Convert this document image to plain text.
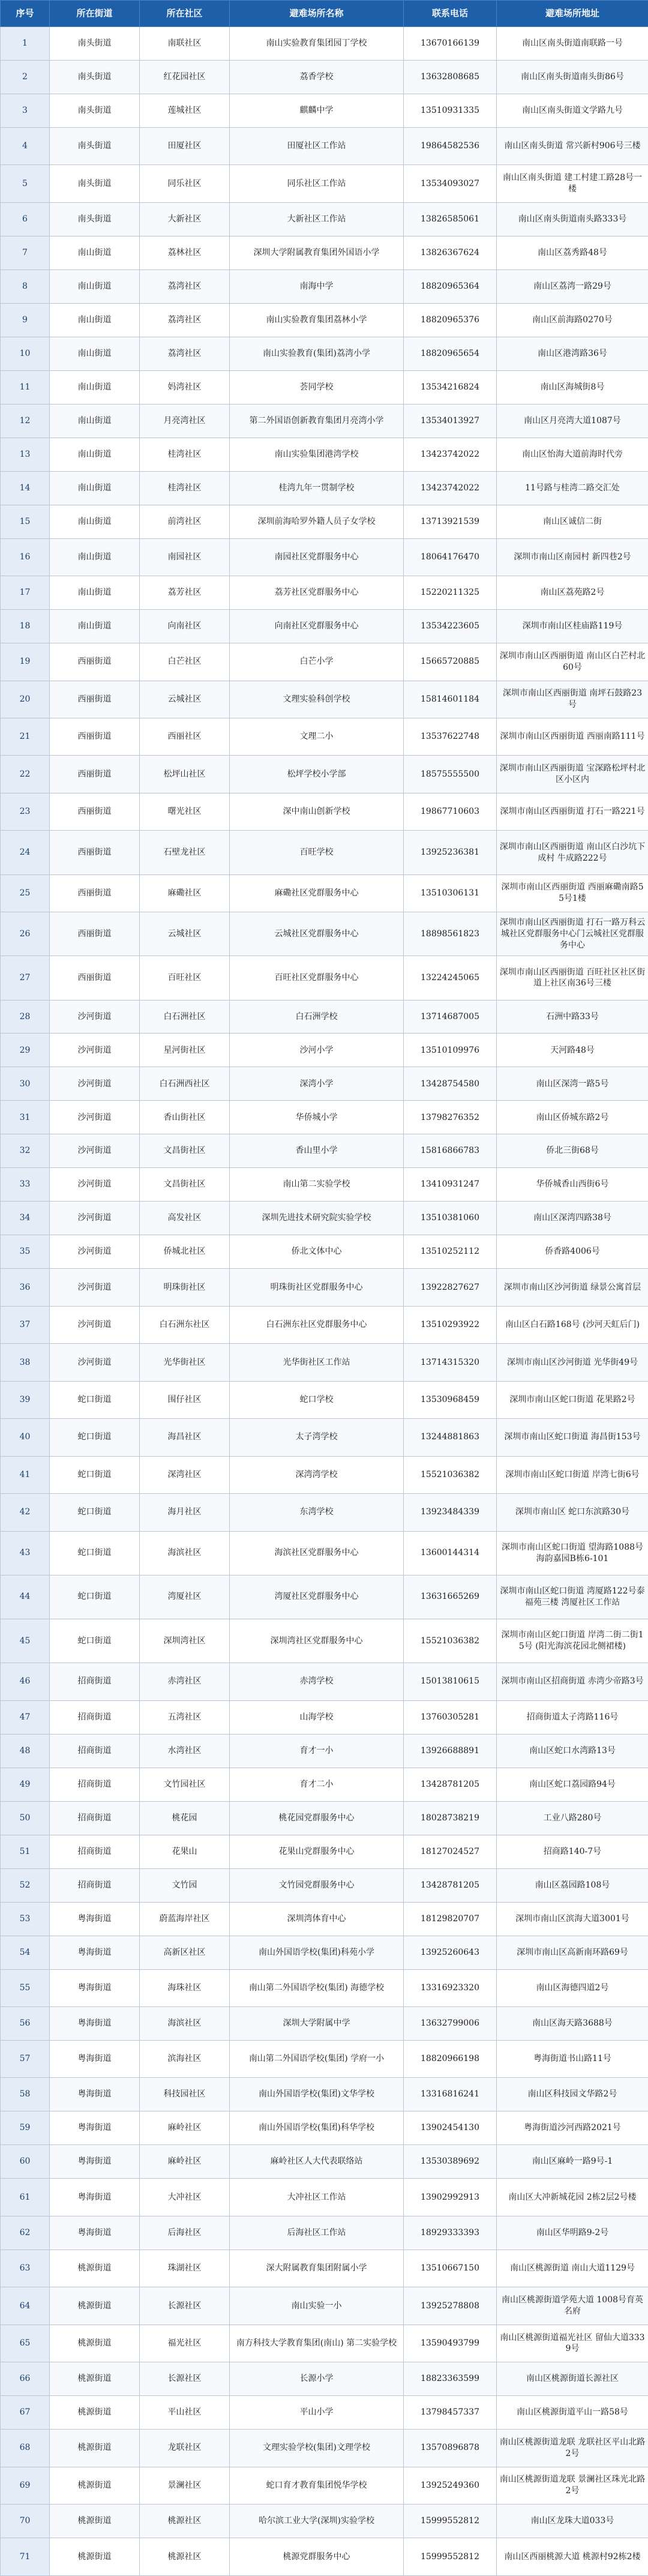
序号	所在街道	所在社区	避难场所名称	联系电话	避难场所地址
1	南头街道	南联社区	南山实验教育集团园丁学校	13670166139	南山区南头街道南联路一号
2	南头街道	红花园社区	荔香学校	13632808685	南山区南头街道南头街86号
3	南头街道	莲城社区	麒麟中学	13510931335	南山区南头街道文学路九号
4	南头街道	田厦社区	田厦社区工作站	19864582536	南山区南头街道 常兴新村906号三楼
5	南头街道	同乐社区	同乐社区工作站	13534093027	南山区南头街道 建工村建工路28号一楼
6	南头街道	大新社区	大新社区工作站	13826585061	南山区南头街道南头路333号
7	南山街道	荔林社区	深圳大学附属教育集团外国语小学	13826367624	南山区荔秀路48号
8	南山街道	荔湾社区	南海中学	18820965364	南山区荔湾一路29号
9	南山街道	荔湾社区	南山实验教育集团荔林小学	18820965376	南山区前海路0270号
10	南山街道	荔湾社区	南山实验教育(集团)荔湾小学	18820965654	南山区港湾路36号
11	南山街道	妈湾社区	荟同学校	13534216824	南山区海城街8号
12	南山街道	月亮湾社区	第二外国语创新教育集团月亮湾小学	13534013927	南山区月亮湾大道1087号
13	南山街道	桂湾社区	南山实验集团港湾学校	13423742022	南山区怡海大道前海时代旁
14	南山街道	桂湾社区	桂湾九年一贯制学校	13423742022	11号路与桂湾二路交汇处
15	南山街道	前湾社区	深圳前海哈罗外籍人员子女学校	13713921539	南山区诚信二街
16	南山街道	南园社区	南园社区党群服务中心	18064176470	深圳市南山区南园村 新四巷2号
17	南山街道	荔芳社区	荔芳社区党群服务中心	15220211325	南山区荔苑路2号
18	南山街道	向南社区	向南社区党群服务中心	13534223605	深圳市南山区桂庙路119号
19	西丽街道	白芒社区	白芒小学	15665720885	深圳市南山区西丽街道 南山区白芒村北60号
20	西丽街道	云城社区	文理实验科创学校	15814601184	深圳市南山区西丽街道 南坪石鼓路23号
21	西丽街道	西丽社区	文理二小	13537622748	深圳市南山区西丽街道 西丽南路111号
22	西丽街道	松坪山社区	松坪学校小学部	18575555500	深圳市南山区西丽街道 宝深路松坪村北区小区内
23	西丽街道	曙光社区	深中南山创新学校	19867710603	深圳市南山区西丽街道 打石一路221号
24	西丽街道	石壁龙社区	百旺学校	13925236381	深圳市南山区西丽街道 南山区白沙坑下成村 牛成路222号
25	西丽街道	麻磡社区	麻磡社区党群服务中心	13510306131	深圳市南山区西丽街道 西丽麻磡南路55号1楼
26	西丽街道	云城社区	云城社区党群服务中心	18898561823	深圳市南山区西丽街道 打石一路万科云城社区党群服务中心门云城社区党群服务中心
27	西丽街道	百旺社区	百旺社区党群服务中心	13224245065	深圳市南山区西丽街道 百旺社区社区街道上社区南36号三楼
28	沙河街道	白石洲社区	白石洲学校	13714687005	石洲中路33号
29	沙河街道	星河街社区	沙河小学	13510109976	天河路48号
30	沙河街道	白石洲西社区	深湾小学	13428754580	南山区深湾一路5号
31	沙河街道	香山街社区	华侨城小学	13798276352	南山区侨城东路2号
32	沙河街道	文昌街社区	香山里小学	15816866783	侨北三街68号
33	沙河街道	文昌街社区	南山第二实验学校	13410931247	华侨城香山西街6号
34	沙河街道	高发社区	深圳先进技术研究院实验学校	13510381060	南山区深湾四路38号
35	沙河街道	侨城北社区	侨北文体中心	13510252112	侨香路4006号
36	沙河街道	明珠街社区	明珠街社区党群服务中心	13922827627	深圳市南山区沙河街道 绿景公寓首层
37	沙河街道	白石洲东社区	白石洲东社区党群服务中心	13510293922	南山区白石路168号 (沙河天虹后门)
38	沙河街道	光华街社区	光华街社区工作站	13714315320	深圳市南山区沙河街道 光华街49号
39	蛇口街道	围仔社区	蛇口学校	13530968459	深圳市南山区蛇口街道 花果路2号
40	蛇口街道	海昌社区	太子湾学校	13244881863	深圳市南山区蛇口街道 海昌街153号
41	蛇口街道	深湾社区	深湾湾学校	15521036382	深圳市南山区蛇口街道 岸湾七街6号
42	蛇口街道	海月社区	东湾学校	13923484339	深圳市南山区 蛇口东滨路30号
43	蛇口街道	海滨社区	海滨社区党群服务中心	13600144314	深圳市南山区蛇口街道 望海路1088号 海韵嘉园B栋6-101
44	蛇口街道	湾厦社区	湾厦社区党群服务中心	13631665269	深圳市南山区蛇口街道 湾厦路122号泰福苑三楼 湾厦社区工作站
45	蛇口街道	深圳湾社区	深圳湾社区党群服务中心	15521036382	深圳市南山区蛇口街道 岸湾二街二街15号 (阳光海滨花园北侧裙楼)
46	招商街道	赤湾社区	赤湾学校	15013810615	深圳市南山区招商街道 赤湾少帝路3号
47	招商街道	五湾社区	山海学校	13760305281	招商街道太子湾路116号
48	招商街道	水湾社区	育才一小	13926688891	南山区蛇口水湾路13号
49	招商街道	文竹园社区	育才二小	13428781205	南山区蛇口荔园路94号
50	招商街道	桃花园	桃花园党群服务中心	18028738219	工业八路280号
51	招商街道	花果山	花果山党群服务中心	18127024527	招商路140-7号
52	招商街道	文竹园	文竹园党群服务中心	13428781205	南山区荔园路108号
53	粤海街道	蔚蓝海岸社区	深圳湾体育中心	18129820707	深圳市南山区滨海大道3001号
54	粤海街道	高新区社区	南山外国语学校(集团)科苑小学	13925260643	深圳市南山区高新南环路69号
55	粤海街道	海珠社区	南山第二外国语学校(集团) 海德学校	13316923320	南山区海德四道2号
56	粤海街道	海滨社区	深圳大学附属中学	13632799006	南山区海天路3688号
57	粤海街道	滨海社区	南山第二外国语学校(集团) 学府一小	18820966198	粤海街道书山路11号
58	粤海街道	科技园社区	南山外国语学校(集团)文华学校	13316816241	南山区科技园文华路2号
59	粤海街道	麻岭社区	南山外国语学校(集团)科华学校	13902454130	粤海街道沙河西路2021号
60	粤海街道	麻岭社区	麻岭社区人大代表联络站	13530389692	南山区麻岭一路9号-1
61	粤海街道	大冲社区	大冲社区工作站	13902992913	南山区大冲新城花园 2栋2层2号楼
62	粤海街道	后海社区	后海社区工作站	18929333393	南山区华明路9-2号
63	桃源街道	珠湖社区	深大附属教育集团附属小学	13510667150	南山区桃源街道 南山大道1129号
64	桃源街道	长源社区	南山实验一小	13925278808	南山区桃源街道学苑大道 1008号育英名府
65	桃源街道	福光社区	南方科技大学教育集团(南山) 第二实验学校	13590493799	南山区桃源街道福光社区 留仙大道3339号
66	桃源街道	长源社区	长源小学	18823363599	南山区桃源街道长源社区
67	桃源街道	平山社区	平山小学	13798457337	南山区桃源街道平山一路58号
68	桃源街道	龙联社区	文理实验学校(集团)文理学校	13570896878	南山区桃源街道龙联 龙联社区平山北路2号
69	桃源街道	景澜社区	蛇口育才教育集团悦华学校	13925249360	南山区桃源街道龙联 景澜社区珠光北路2号
70	桃源街道	桃源社区	哈尔滨工业大学(深圳)实验学校	15999552812	南山区龙珠大道033号
71	桃源街道	桃源社区	桃源党群服务中心	15999552812	南山区西丽桃源大道 桃源村92栋2楼
